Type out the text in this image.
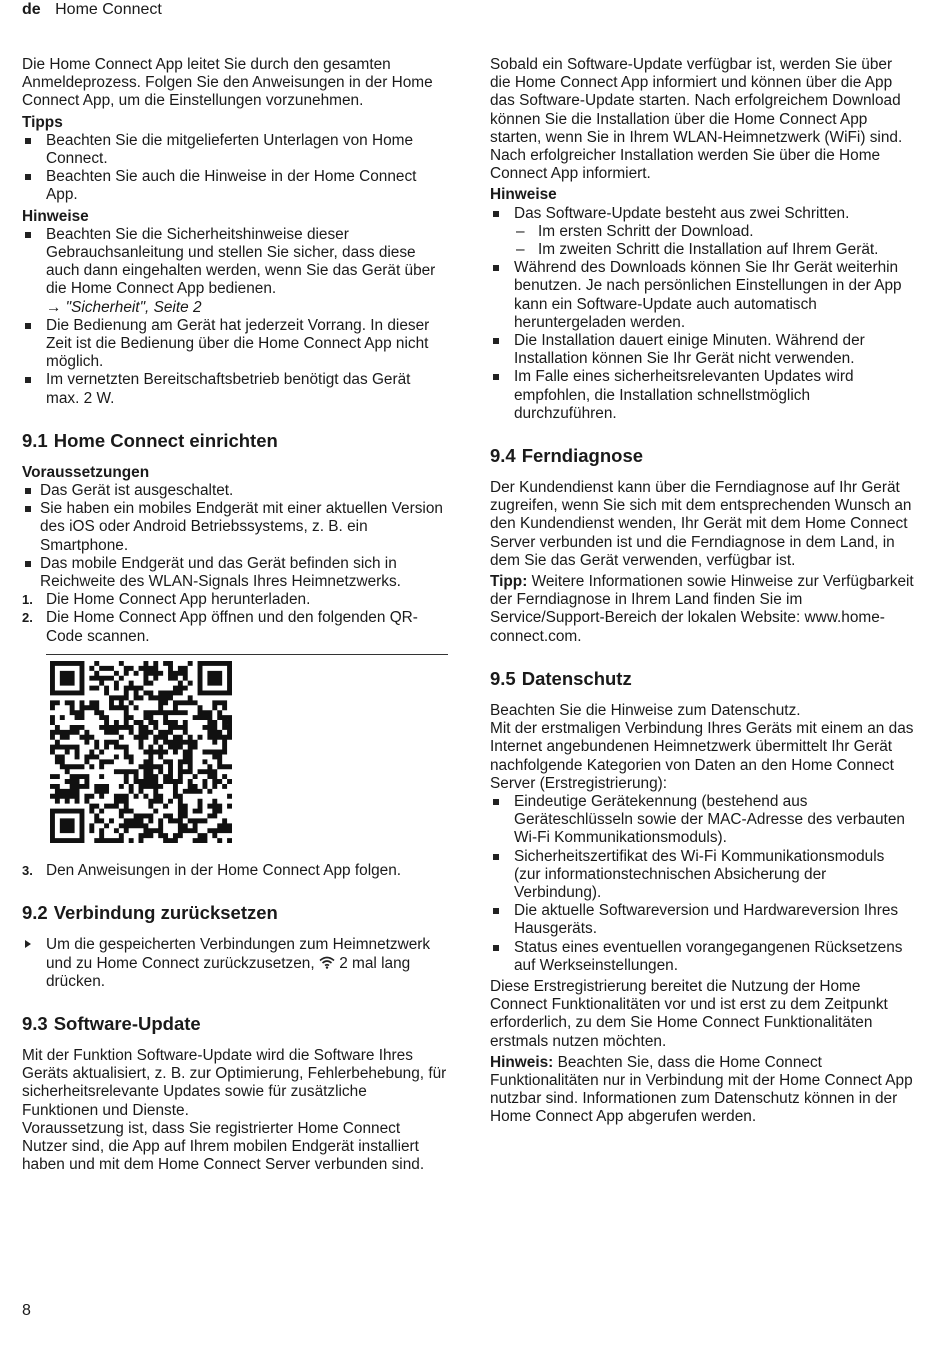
de Home Connect

Die Home Connect App leitet Sie durch den gesamten Anmeldeprozess. Folgen Sie den Anweisungen in der Home Connect App, um die Einstellungen vorzunehmen.

Tipps

Beachten Sie die mitgelieferten Unterlagen von Home Connect.
Beachten Sie auch die Hinweise in der Home Connect App.

Hinweise

Beachten Sie die Sicherheitshinweise dieser Gebrauchsanleitung und stellen Sie sicher, dass diese auch dann eingehalten werden, wenn Sie das Gerät über die Home Connect App bedienen.
→ "Sicherheit", Seite 2
Die Bedienung am Gerät hat jederzeit Vorrang. In dieser Zeit ist die Bedienung über die Home Connect App nicht möglich.
Im vernetzten Bereitschaftsbetrieb benötigt das Gerät max. 2 W.
9.1 Home Connect einrichten

Voraussetzungen

Das Gerät ist ausgeschaltet.
Sie haben ein mobiles Endgerät mit einer aktuellen Version des iOS oder Android Betriebssystems, z. B. ein Smartphone.
Das mobile Endgerät und das Gerät befinden sich in Reichweite des WLAN-Signals Ihres Heimnetzwerks.
1. Die Home Connect App herunterladen.
2. Die Home Connect App öffnen und den folgenden QR-Code scannen.
3. Den Anweisungen in der Home Connect App folgen.
9.2 Verbindung zurücksetzen

Um die gespeicherten Verbindungen zum Heimnetzwerk und zu Home Connect zurückzusetzen, 2 mal lang drücken.

9.3 Software-Update

Mit der Funktion Software-Update wird die Software Ihres Geräts aktualisiert, z. B. zur Optimierung, Fehlerbehebung, für sicherheitsrelevante Updates sowie für zusätzliche Funktionen und Dienste.

Voraussetzung ist, dass Sie registrierter Home Connect Nutzer sind, die App auf Ihrem mobilen Endgerät installiert haben und mit dem Home Connect Server verbunden sind.

Sobald ein Software-Update verfügbar ist, werden Sie über die Home Connect App informiert und können über die App das Software-Update starten. Nach erfolgreichem Download können Sie die Installation über die Home Connect App starten, wenn Sie in Ihrem WLAN-Heimnetzwerk (WiFi) sind. Nach erfolgreicher Installation werden Sie über die Home Connect App informiert.

Hinweise

Das Software-Update besteht aus zwei Schritten.
– Im ersten Schritt der Download.
– Im zweiten Schritt die Installation auf Ihrem Gerät.
Während des Downloads können Sie Ihr Gerät weiterhin benutzen. Je nach persönlichen Einstellungen in der App kann ein Software-Update auch automatisch heruntergeladen werden.
Die Installation dauert einige Minuten. Während der Installation können Sie Ihr Gerät nicht verwenden.
Im Falle eines sicherheitsrelevanten Updates wird empfohlen, die Installation schnellstmöglich durchzuführen.
9.4 Ferndiagnose

Der Kundendienst kann über die Ferndiagnose auf Ihr Gerät zugreifen, wenn Sie sich mit dem entsprechenden Wunsch an den Kundendienst wenden, Ihr Gerät mit dem Home Connect Server verbunden ist und die Ferndiagnose in dem Land, in dem Sie das Gerät verwenden, verfügbar ist.

Tipp: Weitere Informationen sowie Hinweise zur Verfügbarkeit der Ferndiagnose in Ihrem Land finden Sie im Service/Support-Bereich der lokalen Website: www.home-connect.com.

9.5 Datenschutz

Beachten Sie die Hinweise zum Datenschutz.

Mit der erstmaligen Verbindung Ihres Geräts mit einem an das Internet angebundenen Heimnetzwerk übermittelt Ihr Gerät nachfolgende Kategorien von Daten an den Home Connect Server (Erstregistrierung):

Eindeutige Gerätekennung (bestehend aus Geräteschlüsseln sowie der MAC-Adresse des verbauten Wi-Fi Kommunikationsmoduls).
Sicherheitszertifikat des Wi-Fi Kommunikationsmoduls (zur informationstechnischen Absicherung der Verbindung).
Die aktuelle Softwareversion und Hardwareversion Ihres Hausgeräts.
Status eines eventuellen vorangegangenen Rücksetzens auf Werkseinstellungen.

Diese Erstregistrierung bereitet die Nutzung der Home Connect Funktionalitäten vor und ist erst zu dem Zeitpunkt erforderlich, zu dem Sie Home Connect Funktionalitäten erstmals nutzen möchten.

Hinweis: Beachten Sie, dass die Home Connect Funktionalitäten nur in Verbindung mit der Home Connect App nutzbar sind. Informationen zum Datenschutz können in der Home Connect App abgerufen werden.

8
